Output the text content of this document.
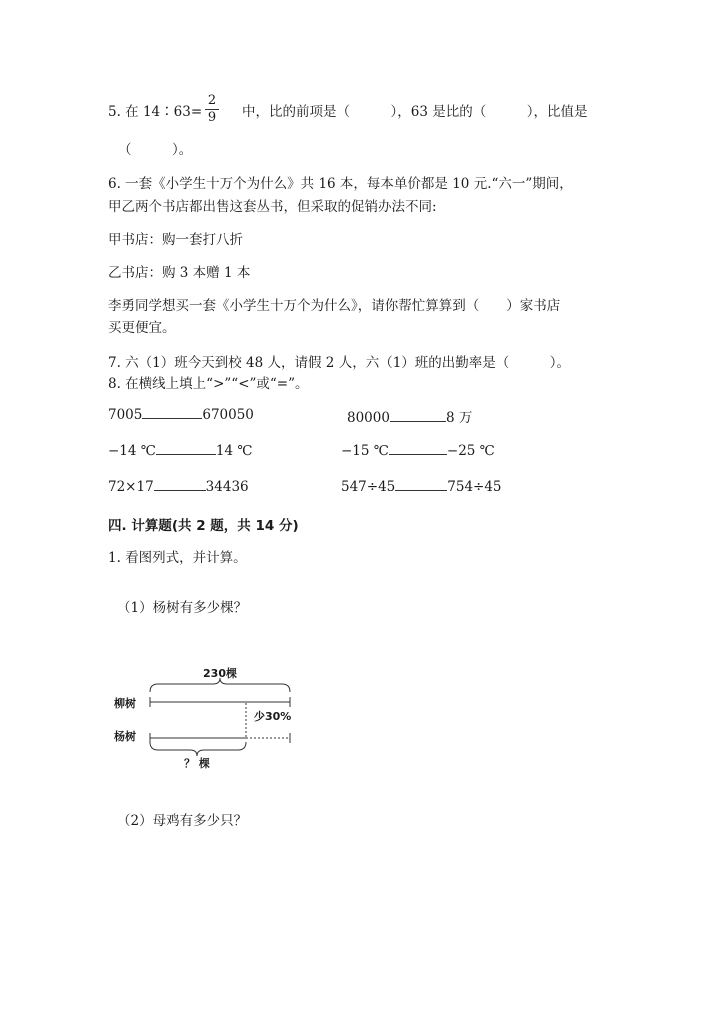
5. 在 14∶63=
2
9 中，比的前项是（　　　），63 是比的（　　　），比值是
（　　　）。
6. 一套《小学生十万个为什么》共 16 本，每本单价都是 10 元.“六一”期间，
甲乙两个书店都出售这套丛书，但采取的促销办法不同:
甲书店：购一套打八折
乙书店：购 3 本赠 1 本
李勇同学想买一套《小学生十万个为什么》，请你帮忙算算到（　　）家书店
买更便宜。
7. 六（1）班今天到校 48 人，请假 2 人，六（1）班的出勤率是（　　　）。
8. 在横线上填上“>”“<”或“=”。
7005	670050	80000	8 万
−14 ℃	14 ℃	−15 ℃	−25 ℃
72×17	34436	547÷45	754÷45
四. 计算题(共 2 题，共 14 分)
1. 看图列式，并计算。
（1）杨树有多少棵？
230棵
柳树
少30%
杨树
？ 棵
（2）母鸡有多少只？
